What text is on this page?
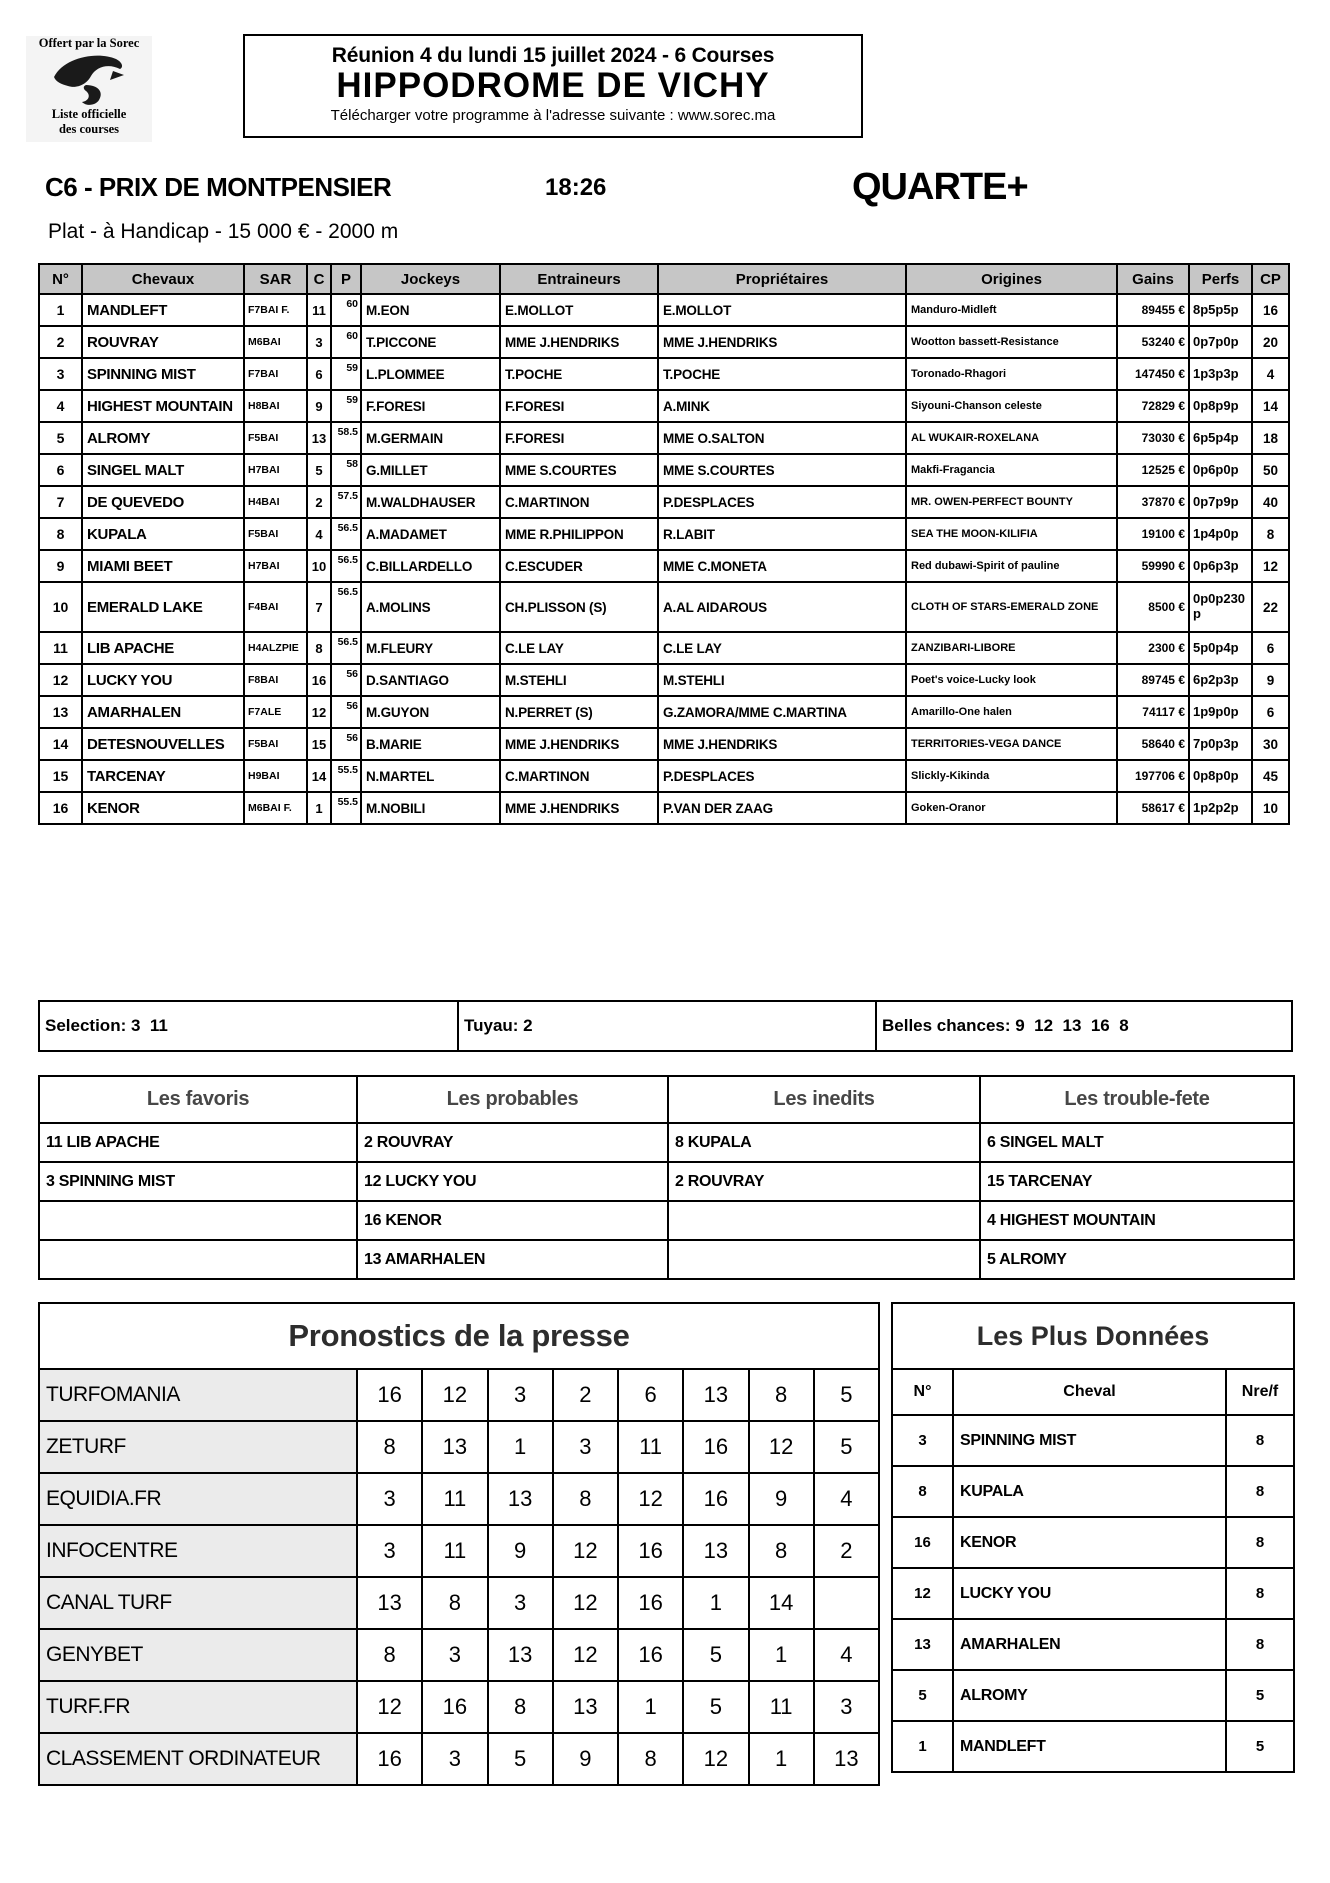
Offert par la Sorec
Liste officielle
des courses
Réunion 4 du lundi 15 juillet 2024 - 6 Courses
HIPPODROME DE VICHY
Télécharger votre programme à l'adresse suivante : www.sorec.ma
C6 - PRIX DE MONTPENSIER	18:26	QUARTE+
Plat - à Handicap - 15 000 € - 2000 m
N°	Chevaux	SAR	C	P	Jockeys	Entraineurs	Propriétaires	Origines	Gains	Perfs	CP
1	MANDLEFT	F7BAI F.	11	60	M.EON	E.MOLLOT	E.MOLLOT	Manduro-Midleft	89455 €	8p5p5p	16
2	ROUVRAY	M6BAI	3	60	T.PICCONE	MME J.HENDRIKS	MME J.HENDRIKS	Wootton bassett-Resistance	53240 €	0p7p0p	20
3	SPINNING MIST	F7BAI	6	59	L.PLOMMEE	T.POCHE	T.POCHE	Toronado-Rhagori	147450 €	1p3p3p	4
4	HIGHEST MOUNTAIN	H8BAI	9	59	F.FORESI	F.FORESI	A.MINK	Siyouni-Chanson celeste	72829 €	0p8p9p	14
5	ALROMY	F5BAI	13	58.5	M.GERMAIN	F.FORESI	MME O.SALTON	AL WUKAIR-ROXELANA	73030 €	6p5p4p	18
6	SINGEL MALT	H7BAI	5	58	G.MILLET	MME S.COURTES	MME S.COURTES	Makfi-Fragancia	12525 €	0p6p0p	50
7	DE QUEVEDO	H4BAI	2	57.5	M.WALDHAUSER	C.MARTINON	P.DESPLACES	MR. OWEN-PERFECT BOUNTY	37870 €	0p7p9p	40
8	KUPALA	F5BAI	4	56.5	A.MADAMET	MME R.PHILIPPON	R.LABIT	SEA THE MOON-KILIFIA	19100 €	1p4p0p	8
9	MIAMI BEET	H7BAI	10	56.5	C.BILLARDELLO	C.ESCUDER	MME C.MONETA	Red dubawi-Spirit of pauline	59990 €	0p6p3p	12
10	EMERALD LAKE	F4BAI	7	56.5	A.MOLINS	CH.PLISSON (S)	A.AL AIDAROUS	CLOTH OF STARS-EMERALD ZONE	8500 €	0p0p230p	22
11	LIB APACHE	H4ALZPIE	8	56.5	M.FLEURY	C.LE LAY	C.LE LAY	ZANZIBARI-LIBORE	2300 €	5p0p4p	6
12	LUCKY YOU	F8BAI	16	56	D.SANTIAGO	M.STEHLI	M.STEHLI	Poet's voice-Lucky look	89745 €	6p2p3p	9
13	AMARHALEN	F7ALE	12	56	M.GUYON	N.PERRET (S)	G.ZAMORA/MME C.MARTINA	Amarillo-One halen	74117 €	1p9p0p	6
14	DETESNOUVELLES	F5BAI	15	56	B.MARIE	MME J.HENDRIKS	MME J.HENDRIKS	TERRITORIES-VEGA DANCE	58640 €	7p0p3p	30
15	TARCENAY	H9BAI	14	55.5	N.MARTEL	C.MARTINON	P.DESPLACES	Slickly-Kikinda	197706 €	0p8p0p	45
16	KENOR	M6BAI F.	1	55.5	M.NOBILI	MME J.HENDRIKS	P.VAN DER ZAAG	Goken-Oranor	58617 €	1p2p2p	10
Selection: 3  11	Tuyau: 2	Belles chances: 9  12  13  16  8
Les favoris	Les probables	Les inedits	Les trouble-fete
11 LIB APACHE	2 ROUVRAY	8 KUPALA	6 SINGEL MALT
3 SPINNING MIST	12 LUCKY YOU	2 ROUVRAY	15 TARCENAY
	16 KENOR		4 HIGHEST MOUNTAIN
	13 AMARHALEN		5 ALROMY
Pronostics de la presse								
TURFOMANIA	16	12	3	2	6	13	8	5
ZETURF	8	13	1	3	11	16	12	5
EQUIDIA.FR	3	11	13	8	12	16	9	4
INFOCENTRE	3	11	9	12	16	13	8	2
CANAL TURF	13	8	3	12	16	1	14	
GENYBET	8	3	13	12	16	5	1	4
TURF.FR	12	16	8	13	1	5	11	3
CLASSEMENT ORDINATEUR	16	3	5	9	8	12	1	13
Les Plus Données		
N°	Cheval	Nre/f
3	SPINNING MIST	8
8	KUPALA	8
16	KENOR	8
12	LUCKY YOU	8
13	AMARHALEN	8
5	ALROMY	5
1	MANDLEFT	5
